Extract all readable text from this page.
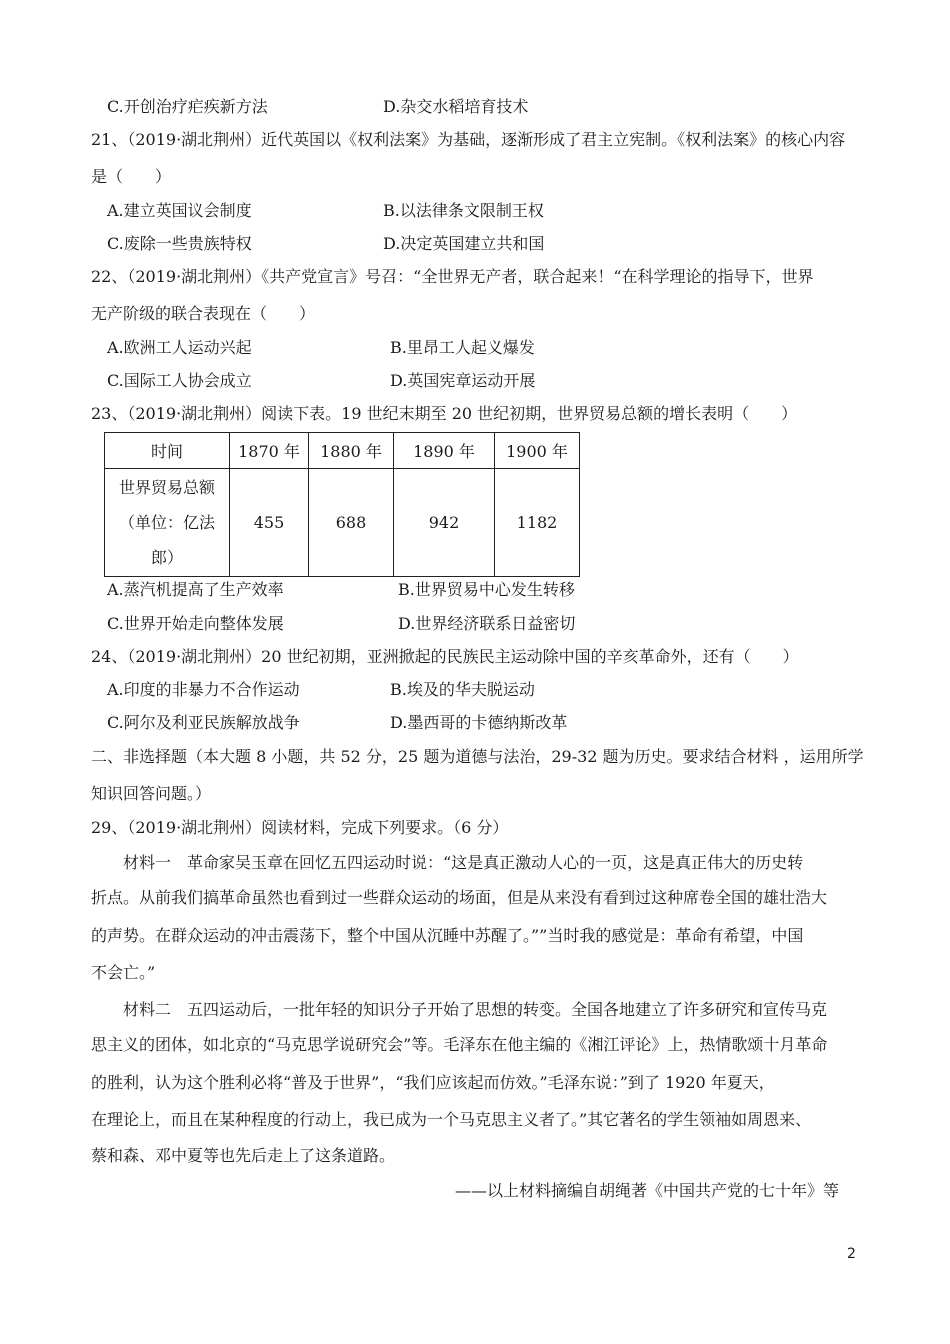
C.开创治疗疟疾新方法	D.杂交水稻培育技术
21、（2019·湖北荆州）近代英国以《权利法案》为基础，逐渐形成了君主立宪制。《权利法案》的核心内容
是（　　）
A.建立英国议会制度	B.以法律条文限制王权
C.废除一些贵族特权	D.决定英国建立共和国
22、（2019·湖北荆州）《共产党宣言》号召：“全世界无产者，联合起来！“在科学理论的指导下，世界
无产阶级的联合表现在（　　）
A.欧洲工人运动兴起	B.里昂工人起义爆发
C.国际工人协会成立	D.英国宪章运动开展
23、（2019·湖北荆州）阅读下表。19 世纪末期至 20 世纪初期，世界贸易总额的增长表明（　　）
时间	1870 年	1880 年	1890 年	1900 年

世界贸易总额
（单位：亿法
郎）	455	688	942	1182
A.蒸汽机提高了生产效率	B.世界贸易中心发生转移
C.世界开始走向整体发展	D.世界经济联系日益密切
24、（2019·湖北荆州）20 世纪初期，亚洲掀起的民族民主运动除中国的辛亥革命外，还有（　　）
A.印度的非暴力不合作运动	B.埃及的华夫脱运动
C.阿尔及利亚民族解放战争	D.墨西哥的卡德纳斯改革
二、非选择题（本大题 8 小题，共 52 分，25 题为道德与法治，29-32 题为历史。要求结合材料 ，运用所学
知识回答问题。）
29、（2019·湖北荆州）阅读材料，完成下列要求。（6 分）
材料一　革命家吴玉章在回忆五四运动时说：“这是真正激动人心的一页，这是真正伟大的历史转
折点。从前我们搞革命虽然也看到过一些群众运动的场面，但是从来没有看到过这种席卷全国的雄壮浩大
的声势。在群众运动的冲击震荡下，整个中国从沉睡中苏醒了。””当时我的感觉是：革命有希望，中国
不会亡。”
材料二　五四运动后，一批年轻的知识分子开始了思想的转变。全国各地建立了许多研究和宣传马克
思主义的团体，如北京的“马克思学说研究会”等。毛泽东在他主编的《湘江评论》上，热情歌颂十月革命
的胜利，认为这个胜利必将“普及于世界”，“我们应该起而仿效。”毛泽东说：”到了 1920 年夏天，
在理论上，而且在某种程度的行动上，我已成为一个马克思主义者了。”其它著名的学生领袖如周恩来、
蔡和森、邓中夏等也先后走上了这条道路。
——以上材料摘编自胡绳著《中国共产党的七十年》等
2
